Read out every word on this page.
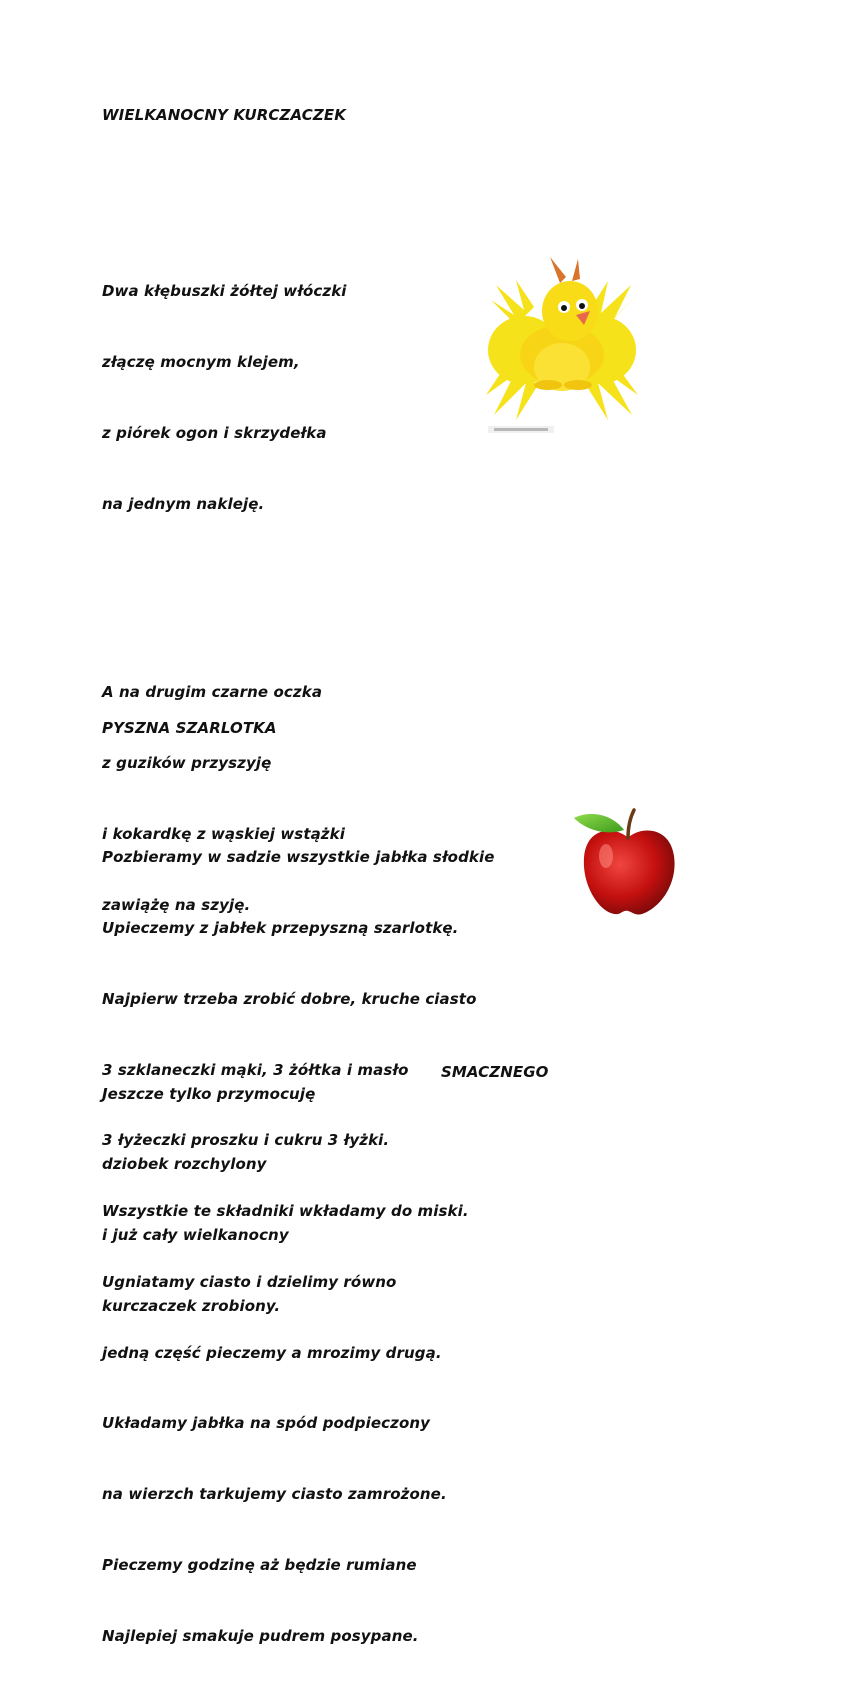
WIELKANOCNY KURCZACZEK

Dwa kłębuszki żółtej włóczki

złączę mocnym klejem,

z piórek ogon i skrzydełka

na jednym nakleję.

A na drugim czarne oczka

z guzików przyszyję

i kokardkę z wąskiej wstążki

zawiążę na szyję.

Jeszcze tylko przymocuję

dziobek rozchylony

i już cały wielkanocny

kurczaczek zrobiony.

PYSZNA SZARLOTKA

Pozbieramy w sadzie wszystkie jabłka słodkie

Upieczemy z jabłek przepyszną szarlotkę.

Najpierw trzeba zrobić dobre, kruche ciasto

3 szklaneczki mąki, 3 żółtka i masło

3 łyżeczki proszku i cukru 3 łyżki.

Wszystkie te składniki wkładamy do miski.

Ugniatamy ciasto i dzielimy równo

jedną część pieczemy a mrozimy drugą.

Układamy jabłka na spód podpieczony

na wierzch tarkujemy ciasto zamrożone.

Pieczemy godzinę aż będzie rumiane

Najlepiej smakuje pudrem posypane.

SMACZNEGO
